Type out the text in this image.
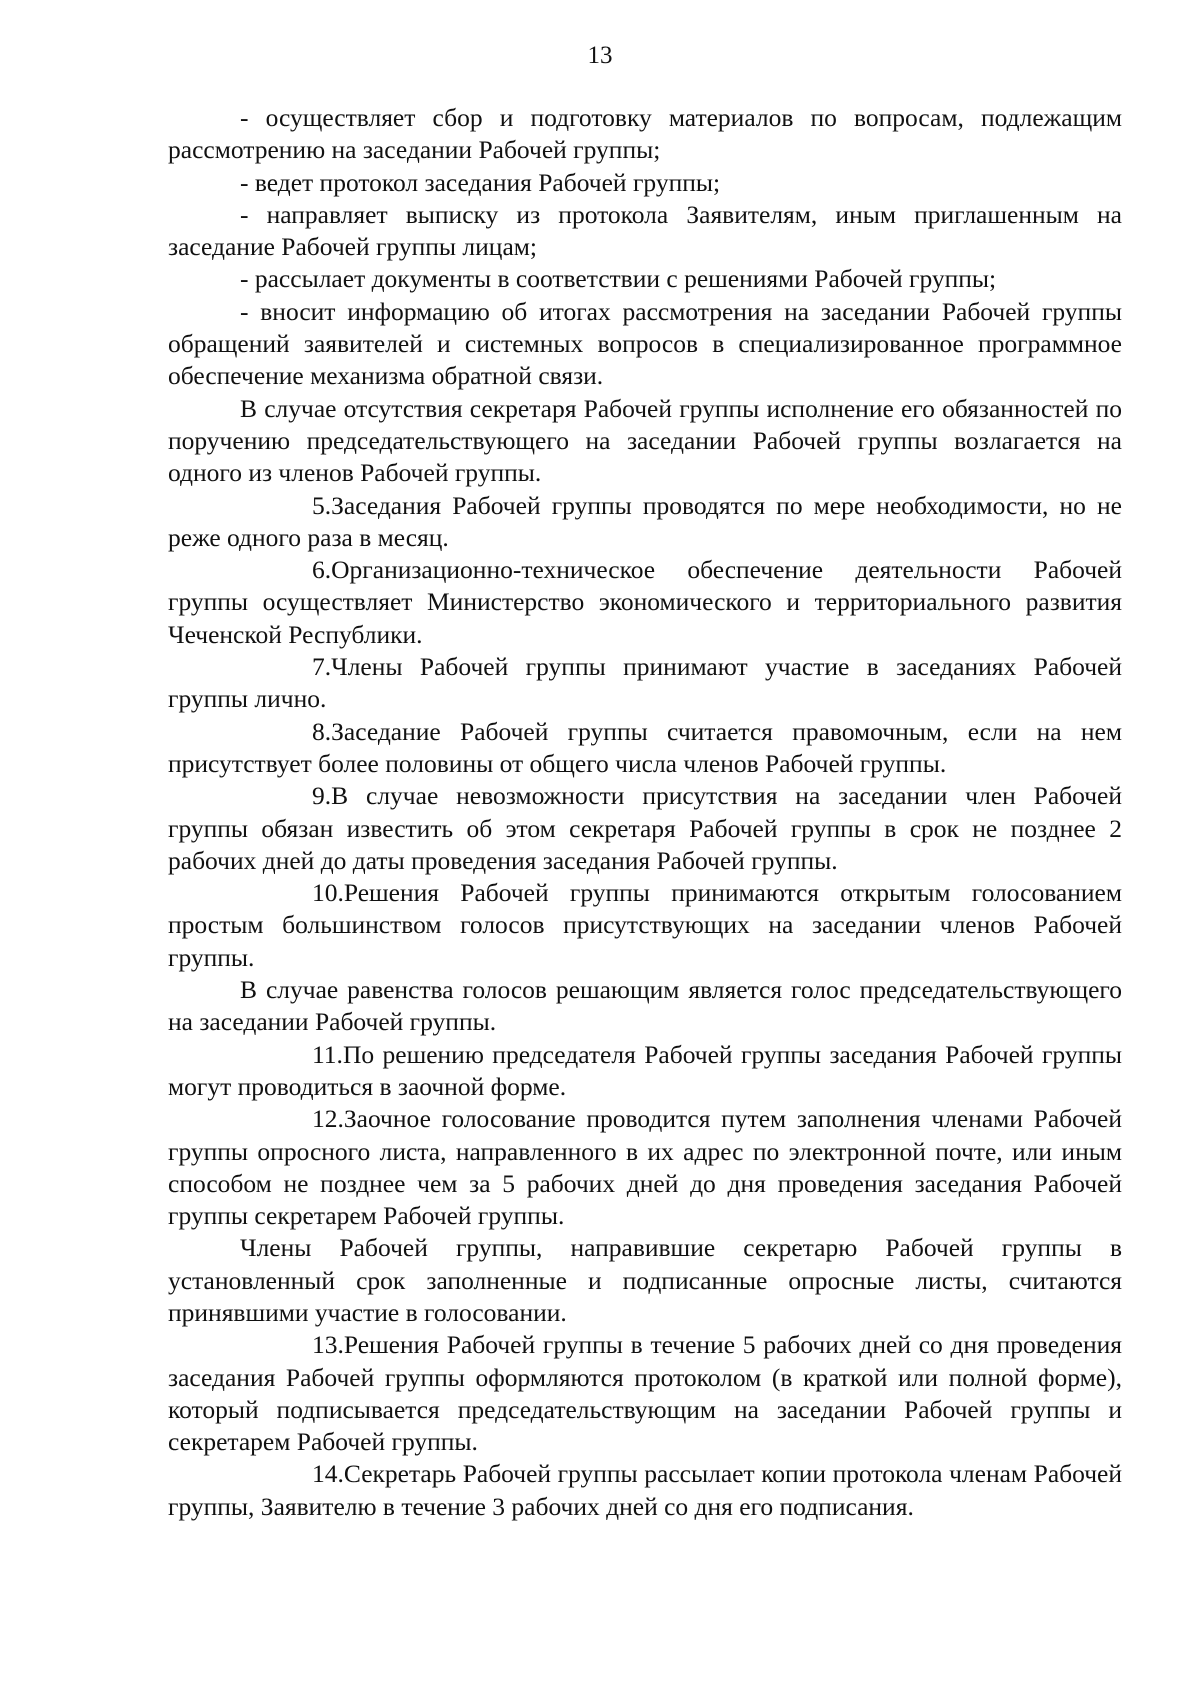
13

- осуществляет сбор и подготовку материалов по вопросам, подлежащим рассмотрению на заседании Рабочей группы;

- ведет протокол заседания Рабочей группы;

- направляет выписку из протокола Заявителям, иным приглашенным на заседание Рабочей группы лицам;

- рассылает документы в соответствии с решениями Рабочей группы;

- вносит информацию об итогах рассмотрения на заседании Рабочей группы обращений заявителей и системных вопросов в специализированное программное обеспечение механизма обратной связи.

В случае отсутствия секретаря Рабочей группы исполнение его обязанностей по поручению председательствующего на заседании Рабочей группы возлагается на одного из членов Рабочей группы.

5.Заседания Рабочей группы проводятся по мере необходимости, но не реже одного раза в месяц.

6.Организационно-техническое обеспечение деятельности Рабочей группы осуществляет Министерство экономического и территориального развития Чеченской Республики.

7.Члены Рабочей группы принимают участие в заседаниях Рабочей группы лично.

8.Заседание Рабочей группы считается правомочным, если на нем присутствует более половины от общего числа членов Рабочей группы.

9.В случае невозможности присутствия на заседании член Рабочей группы обязан известить об этом секретаря Рабочей группы в срок не позднее 2 рабочих дней до даты проведения заседания Рабочей группы.

10.Решения Рабочей группы принимаются открытым голосованием простым большинством голосов присутствующих на заседании членов Рабочей группы.

В случае равенства голосов решающим является голос председательствующего на заседании Рабочей группы.

11.По решению председателя Рабочей группы заседания Рабочей группы могут проводиться в заочной форме.

12.Заочное голосование проводится путем заполнения членами Рабочей группы опросного листа, направленного в их адрес по электронной почте, или иным способом не позднее чем за 5 рабочих дней до дня проведения заседания Рабочей группы секретарем Рабочей группы.

Члены Рабочей группы, направившие секретарю Рабочей группы в установленный срок заполненные и подписанные опросные листы, считаются принявшими участие в голосовании.

13.Решения Рабочей группы в течение 5 рабочих дней со дня проведения заседания Рабочей группы оформляются протоколом (в краткой или полной форме), который подписывается председательствующим на заседании Рабочей группы и секретарем Рабочей группы.

14.Секретарь Рабочей группы рассылает копии протокола членам Рабочей группы, Заявителю в течение 3 рабочих дней со дня его подписания.
